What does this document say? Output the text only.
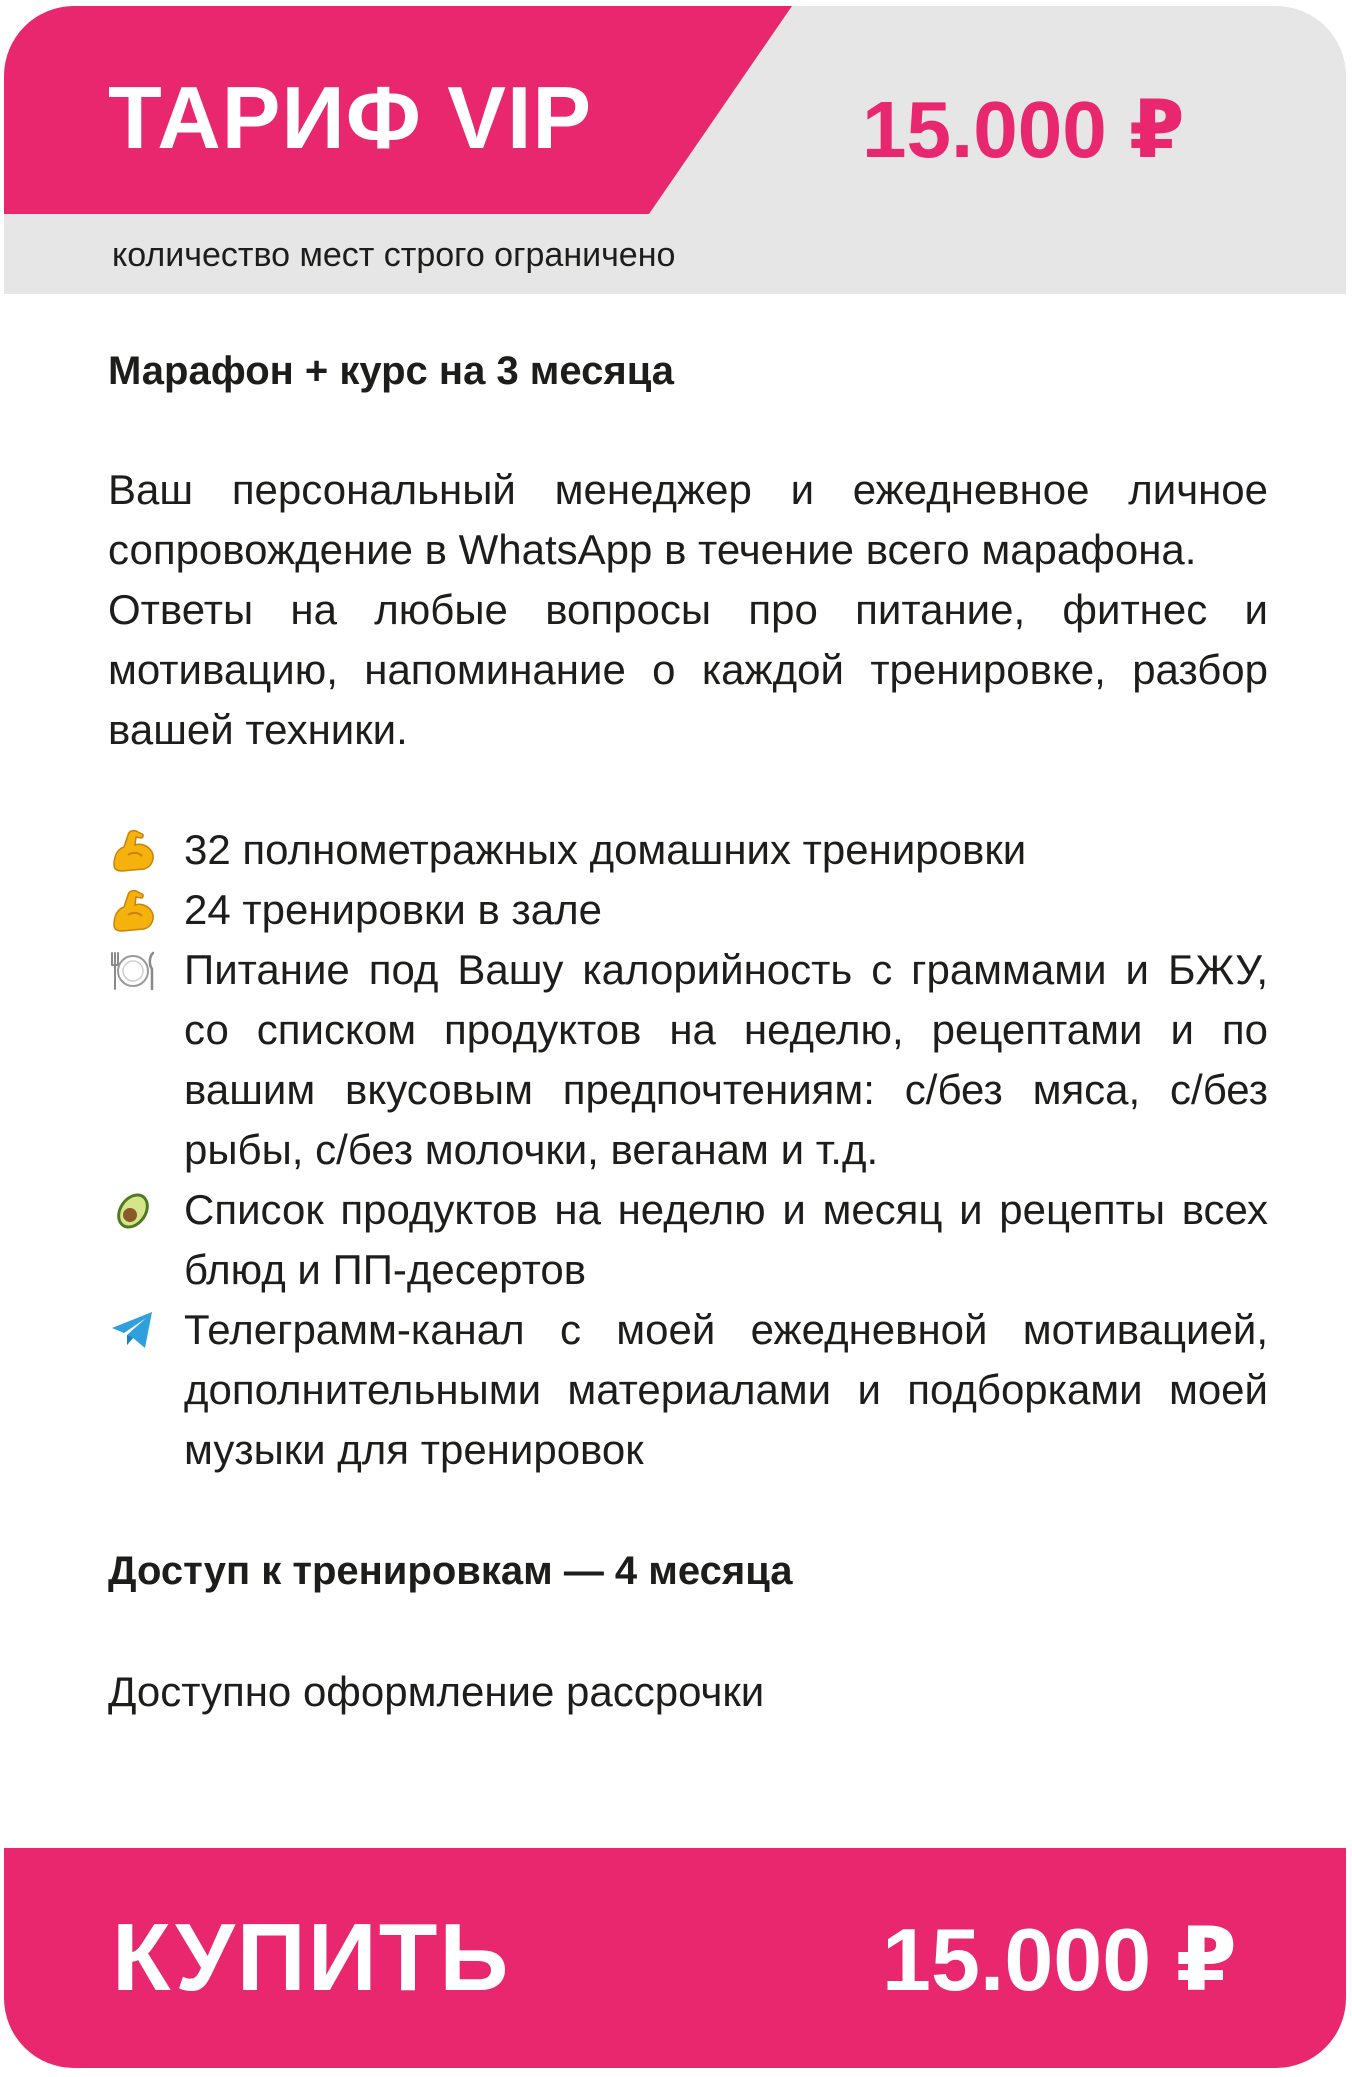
ТАРИФ VIP	15.000 ₽
количество мест строго ограничено

Марафон + курс на 3 месяца

Ваш персональный менеджер и ежедневное личное сопровождение в WhatsApp в течение всего марафона.

Ответы на любые вопросы про питание, фитнес и мотивацию, напоминание о каждой тренировке, разбор вашей техники.

32 полнометражных домашних тренировки
24 тренировки в зале
Питание под Вашу калорийность с граммами и БЖУ, со списком продуктов на неделю, рецептами и по вашим вкусовым предпочтениям: с/без мяса, с/без рыбы, с/без молочки, веганам и т.д.
Список продуктов на неделю и месяц и рецепты всех блюд и ПП-десертов
Телеграмм-канал с моей ежедневной мотивацией, дополнительными материалами и подборками моей музыки для тренировок

Доступ к тренировкам — 4 месяца

Доступно оформление рассрочки

КУПИТЬ	15.000 ₽
